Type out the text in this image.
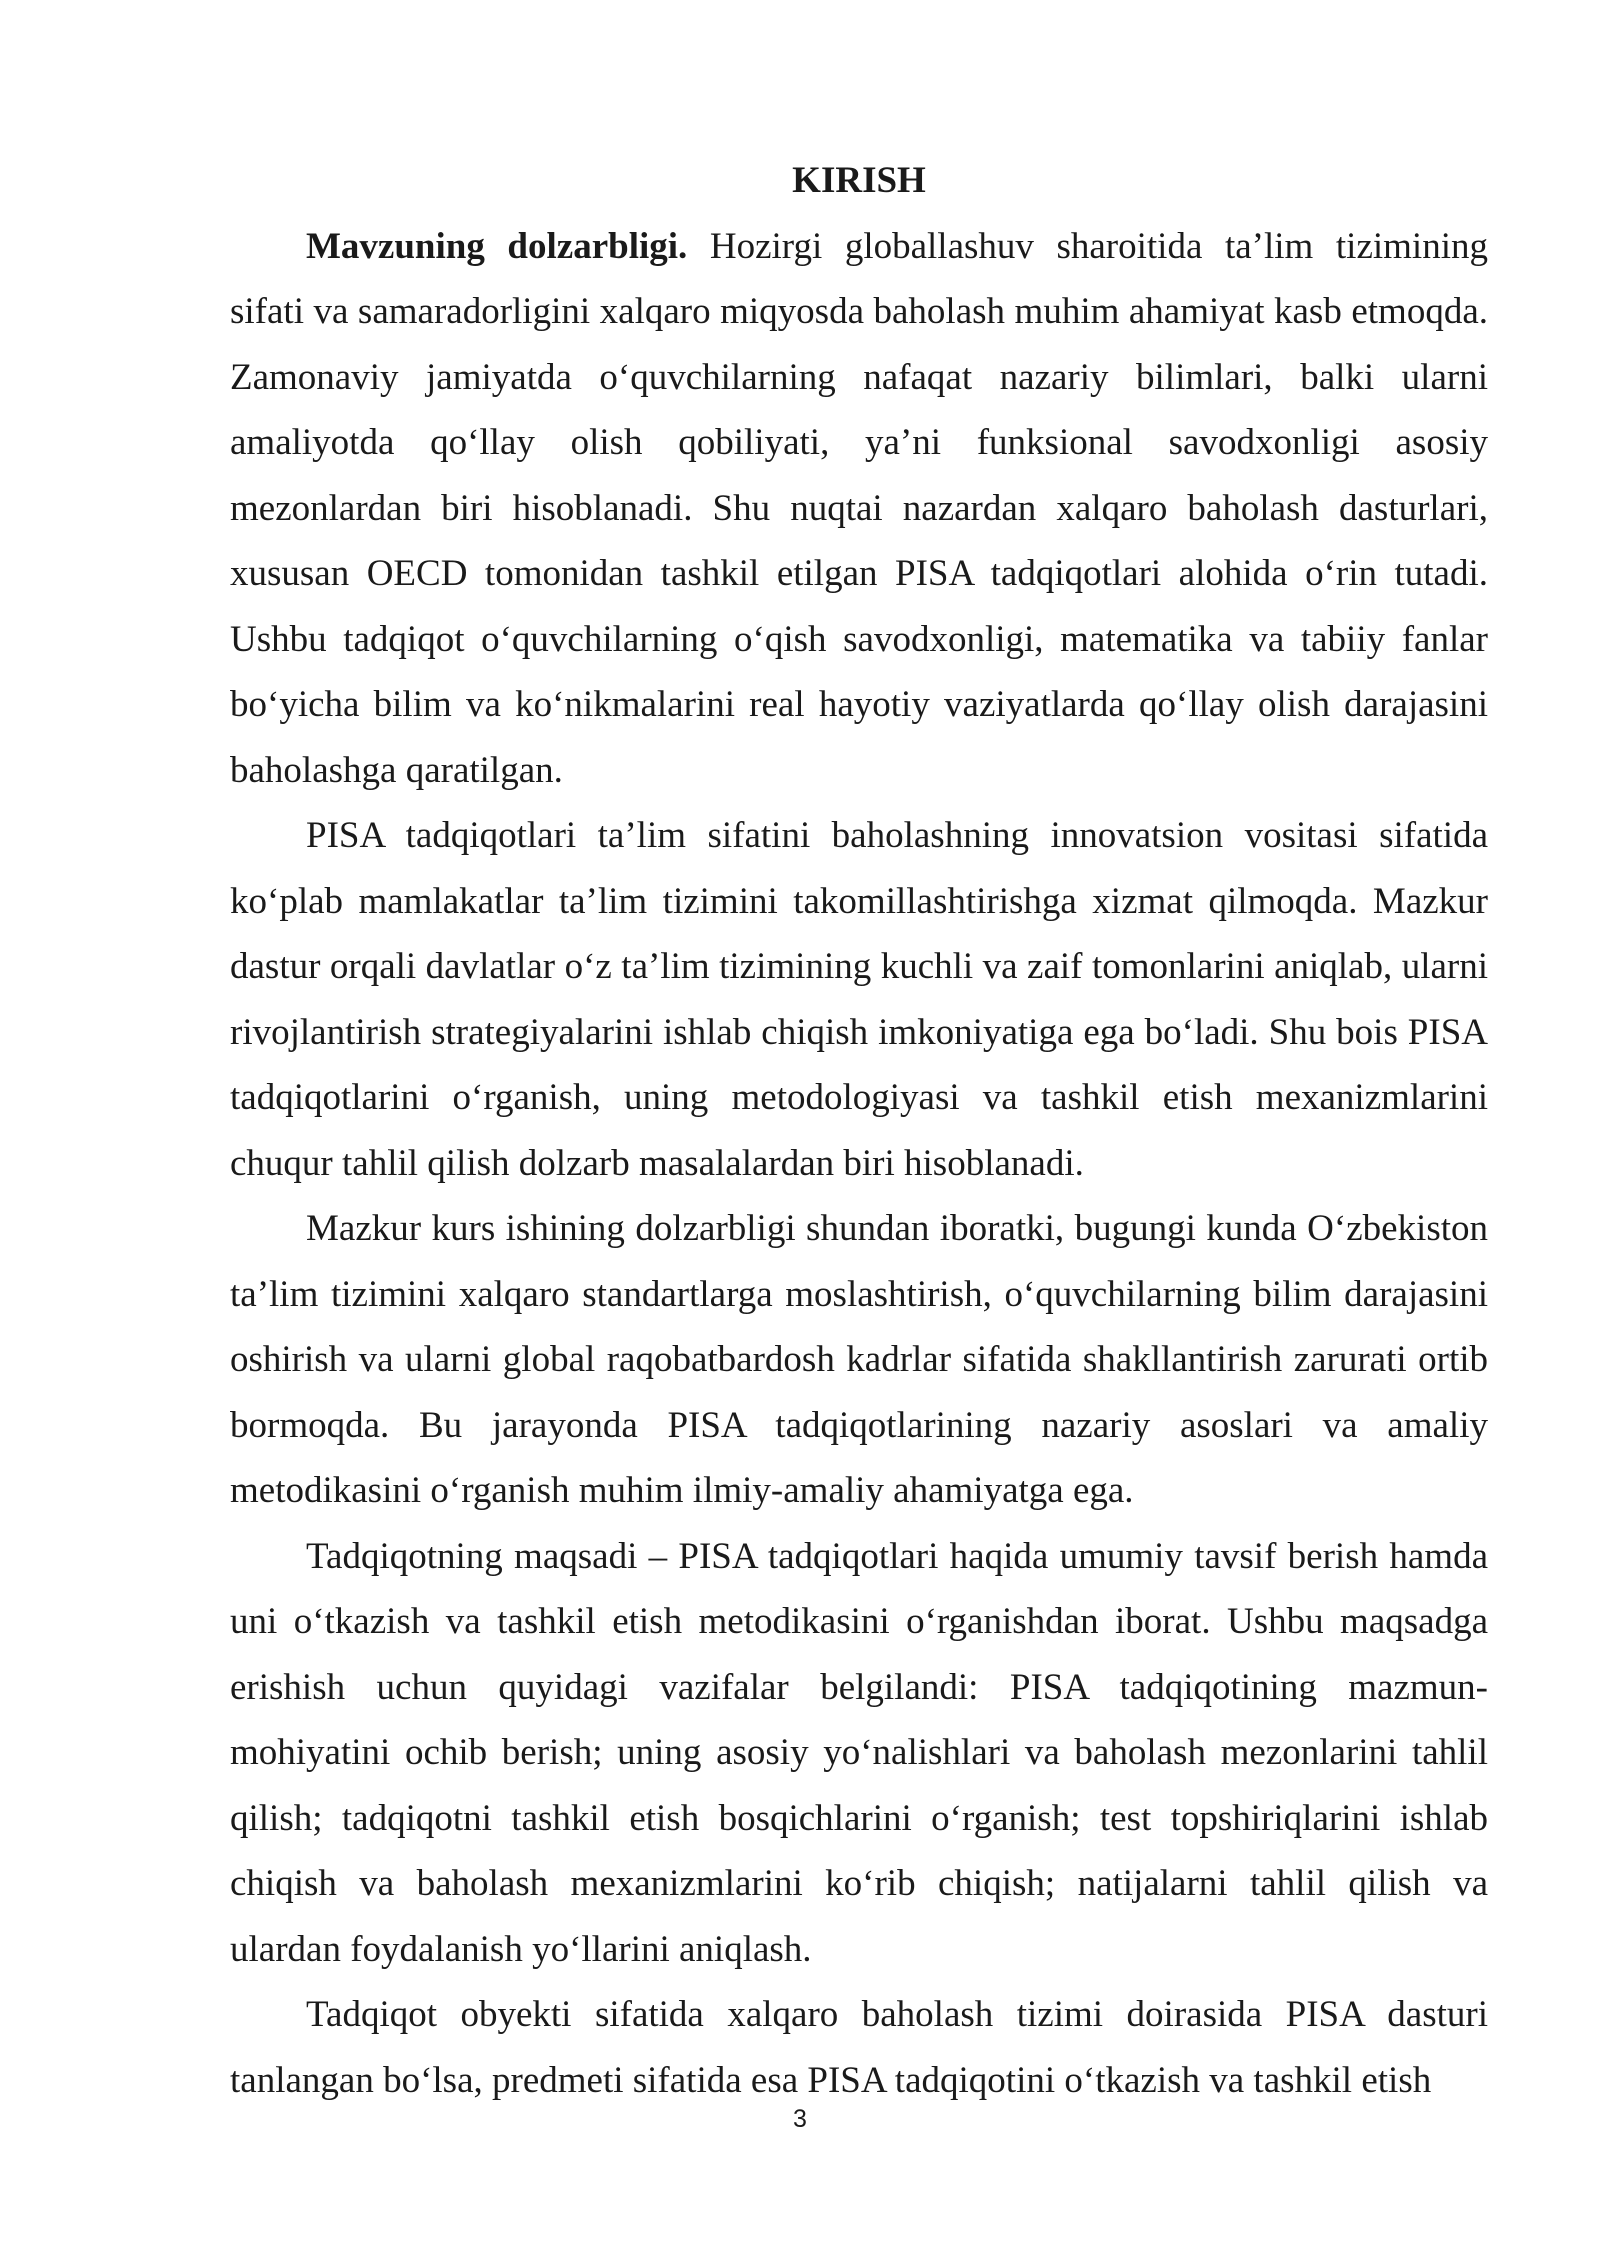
KIRISH

Mavzuning dolzarbligi. Hozirgi globallashuv sharoitida ta’lim tizimining sifati va samaradorligini xalqaro miqyosda baholash muhim ahamiyat kasb etmoqda. Zamonaviy jamiyatda o‘quvchilarning nafaqat nazariy bilimlari, balki ularni amaliyotda qo‘llay olish qobiliyati, ya’ni funksional savodxonligi asosiy mezonlardan biri hisoblanadi. Shu nuqtai nazardan xalqaro baholash dasturlari, xususan OECD tomonidan tashkil etilgan PISA tadqiqotlari alohida o‘rin tutadi. Ushbu tadqiqot o‘quvchilarning o‘qish savodxonligi, matematika va tabiiy fanlar bo‘yicha bilim va ko‘nikmalarini real hayotiy vaziyatlarda qo‘llay olish darajasini baholashga qaratilgan.

PISA tadqiqotlari ta’lim sifatini baholashning innovatsion vositasi sifatida ko‘plab mamlakatlar ta’lim tizimini takomillashtirishga xizmat qilmoqda. Mazkur dastur orqali davlatlar o‘z ta’lim tizimining kuchli va zaif tomonlarini aniqlab, ularni rivojlantirish strategiyalarini ishlab chiqish imkoniyatiga ega bo‘ladi. Shu bois PISA tadqiqotlarini o‘rganish, uning metodologiyasi va tashkil etish mexanizmlarini chuqur tahlil qilish dolzarb masalalardan biri hisoblanadi.

Mazkur kurs ishining dolzarbligi shundan iboratki, bugungi kunda O‘zbekiston ta’lim tizimini xalqaro standartlarga moslashtirish, o‘quvchilarning bilim darajasini oshirish va ularni global raqobatbardosh kadrlar sifatida shakllantirish zarurati ortib bormoqda. Bu jarayonda PISA tadqiqotlarining nazariy asoslari va amaliy metodikasini o‘rganish muhim ilmiy-amaliy ahamiyatga ega.

Tadqiqotning maqsadi – PISA tadqiqotlari haqida umumiy tavsif berish hamda uni o‘tkazish va tashkil etish metodikasini o‘rganishdan iborat. Ushbu maqsadga erishish uchun quyidagi vazifalar belgilandi: PISA tadqiqotining mazmun-mohiyatini ochib berish; uning asosiy yo‘nalishlari va baholash mezonlarini tahlil qilish; tadqiqotni tashkil etish bosqichlarini o‘rganish; test topshiriqlarini ishlab chiqish va baholash mexanizmlarini ko‘rib chiqish; natijalarni tahlil qilish va ulardan foydalanish yo‘llarini aniqlash.

Tadqiqot obyekti sifatida xalqaro baholash tizimi doirasida PISA dasturi tanlangan bo‘lsa, predmeti sifatida esa PISA tadqiqotini o‘tkazish va tashkil etish

3
